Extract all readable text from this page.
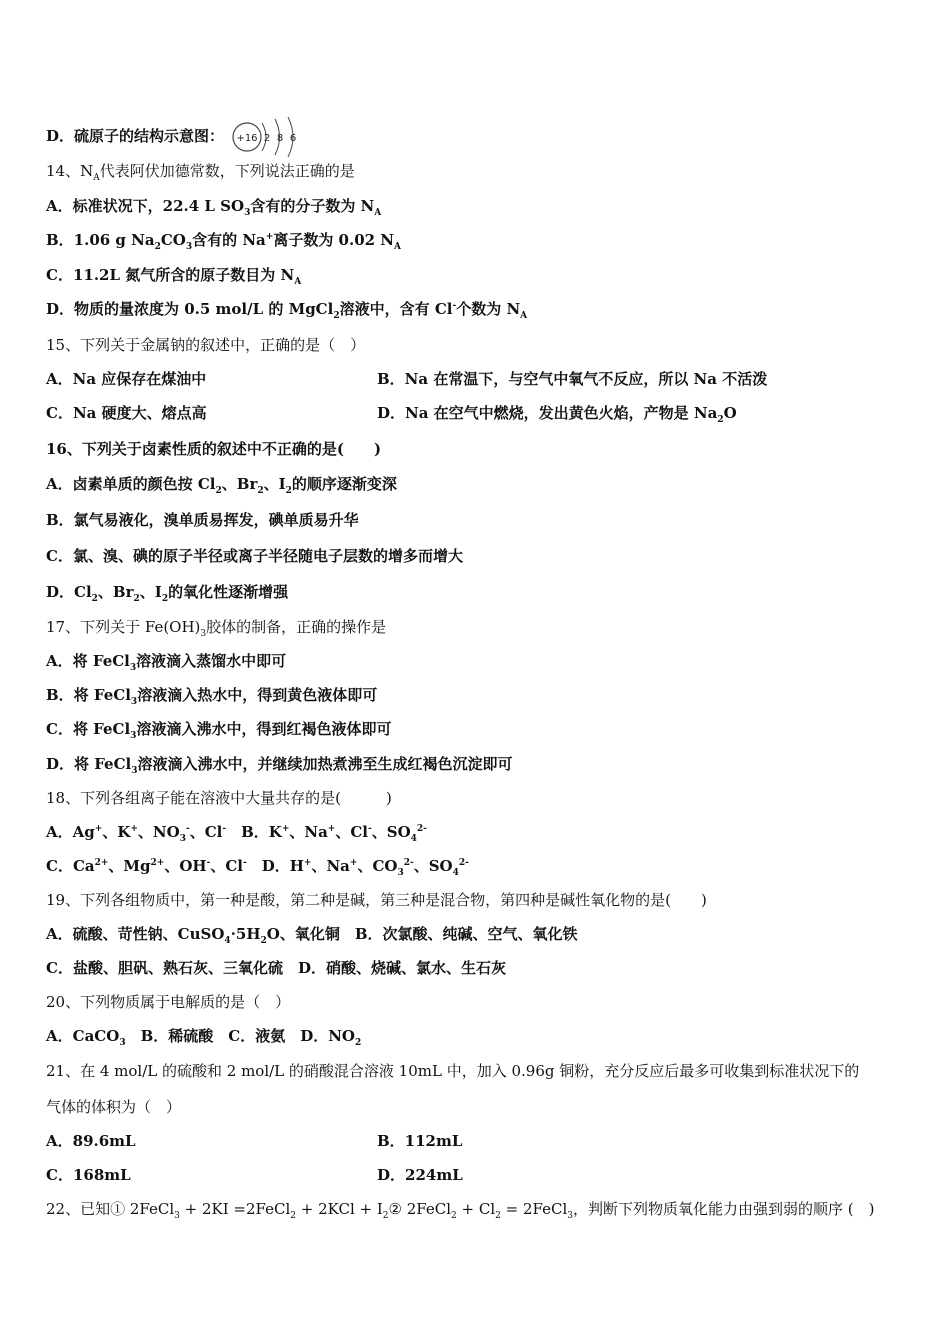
D．硫原子的结构示意图： +16 2 8 6
14、$N_A$代表阿伏加德常数，下列说法正确的是
A．标准状况下，22.4 L $SO_3$含有的分子数为 $N_A$
B．1.06 g $Na_2CO_3$含有的 Na+离子数为 0.02 $N_A$
C．11.2L 氮气所含的原子数目为 $N_A$
D．物质的量浓度为 0.5 mol/L 的 MgCl$_2$溶液中，含有 Cl-个数为 $N_A$
15、下列关于金属钠的叙述中，正确的是（　）
A．Na 应保存在煤油中	B．Na 在常温下，与空气中氧气不反应，所以 Na 不活泼
C．Na 硬度大、熔点高	D．Na 在空气中燃烧，发出黄色火焰，产物是 $Na_2O$
16、下列关于卤素性质的叙述中不正确的是(　　)
A．卤素单质的颜色按 $Cl_2$、$Br_2$、$I_2$的顺序逐渐变深
B．氯气易液化，溴单质易挥发，碘单质易升华
C．氯、溴、碘的原子半径或离子半径随电子层数的增多而增大
D．$Cl_2$、$Br_2$、$I_2$的氧化性逐渐增强
17、下列关于 $Fe(OH)_3$胶体的制备，正确的操作是
A．将 FeCl$_3$溶液滴入蒸馏水中即可
B．将 FeCl$_3$溶液滴入热水中，得到黄色液体即可
C．将 FeCl$_3$溶液滴入沸水中，得到红褐色液体即可
D．将 FeCl$_3$溶液滴入沸水中，并继续加热煮沸至生成红褐色沉淀即可
18、下列各组离子能在溶液中大量共存的是(　　　)
A．Ag+、K+、$NO_3^-$、Cl-　B．K+、Na+、Cl-、$SO_4^{2-}$
C．$Ca^{2+}$、$Mg^{2+}$、OH-、Cl-　D．H+、Na+、$CO_3^{2-}$、$SO_4^{2-}$
19、下列各组物质中，第一种是酸，第二种是碱，第三种是混合物，第四种是碱性氧化物的是(　　)
A．硫酸、苛性钠、$CuSO_4\cdot 5H_2O$、氧化铜　B．次氯酸、纯碱、空气、氧化铁
C．盐酸、胆矾、熟石灰、三氧化硫　D．硝酸、烧碱、氯水、生石灰
20、下列物质属于电解质的是（　）
A．CaCO$_3$　B．稀硫酸　C．液氨　D．$NO_2$
21、在 4 mol/L 的硫酸和 2 mol/L 的硝酸混合溶液 10mL 中，加入 0.96g 铜粉，充分反应后最多可收集到标准状况下的
气体的体积为（　）
A．89.6mL	B．112mL
C．168mL	D．224mL
22、已知① 2FeCl$_3$ + 2KI =2FeCl$_2$ + $2KCl + I_2②$ 2FeCl$_2$ + $Cl_2$ = 2FeCl$_3$，判断下列物质氧化能力由强到弱的顺序 (　)
